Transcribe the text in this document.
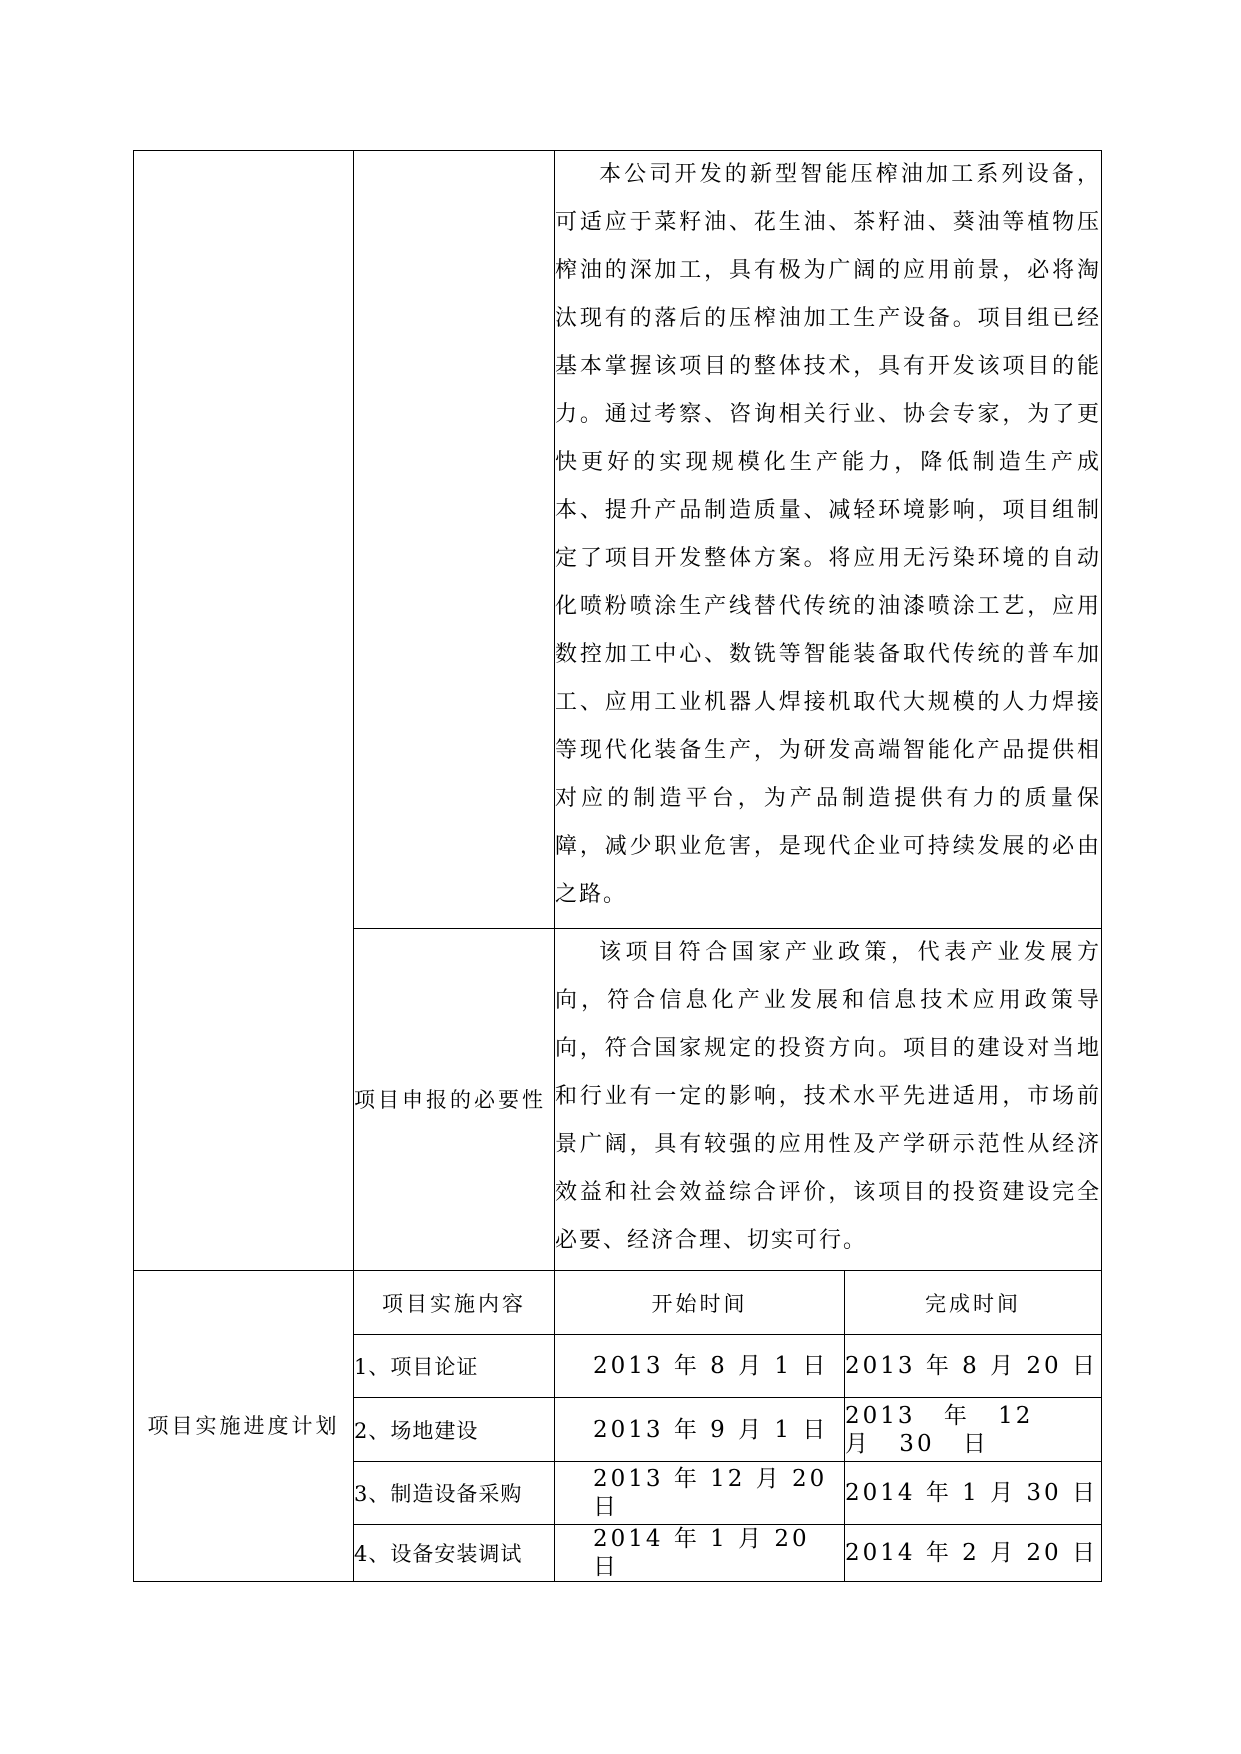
		本公司开发的新型智能压榨油加工系列设备，可适应于菜籽油、花生油、茶籽油、葵油等植物压榨油的深加工，具有极为广阔的应用前景，必将淘汰现有的落后的压榨油加工生产设备。项目组已经基本掌握该项目的整体技术，具有开发该项目的能力。通过考察、咨询相关行业、协会专家，为了更快更好的实现规模化生产能力，降低制造生产成本、提升产品制造质量、减轻环境影响，项目组制定了项目开发整体方案。将应用无污染环境的自动化喷粉喷涂生产线替代传统的油漆喷涂工艺，应用数控加工中心、数铣等智能装备取代传统的普车加工、应用工业机器人焊接机取代大规模的人力焊接等现代化装备生产，为研发高端智能化产品提供相对应的制造平台，为产品制造提供有力的质量保障，减少职业危害，是现代企业可持续发展的必由之路。	

	项目申报的必要性	该项目符合国家产业政策，代表产业发展方向，符合信息化产业发展和信息技术应用政策导向，符合国家规定的投资方向。项目的建设对当地和行业有一定的影响，技术水平先进适用，市场前景广阔，具有较强的应用性及产学研示范性从经济效益和社会效益综合评价，该项目的投资建设完全必要、经济合理、切实可行。	

项目实施进度计划	项目实施内容	开始时间	完成时间
	1、项目论证	2013 年 8 月 1 日	2013 年 8 月 20 日
	2、场地建设	2013 年 9 月 1 日	2013 年 12 月 30 日
	3、制造设备采购	2013 年 12 月 20 日	2014 年 1 月 30 日
	4、设备安装调试	2014 年 1 月 20 日	2014 年 2 月 20 日
